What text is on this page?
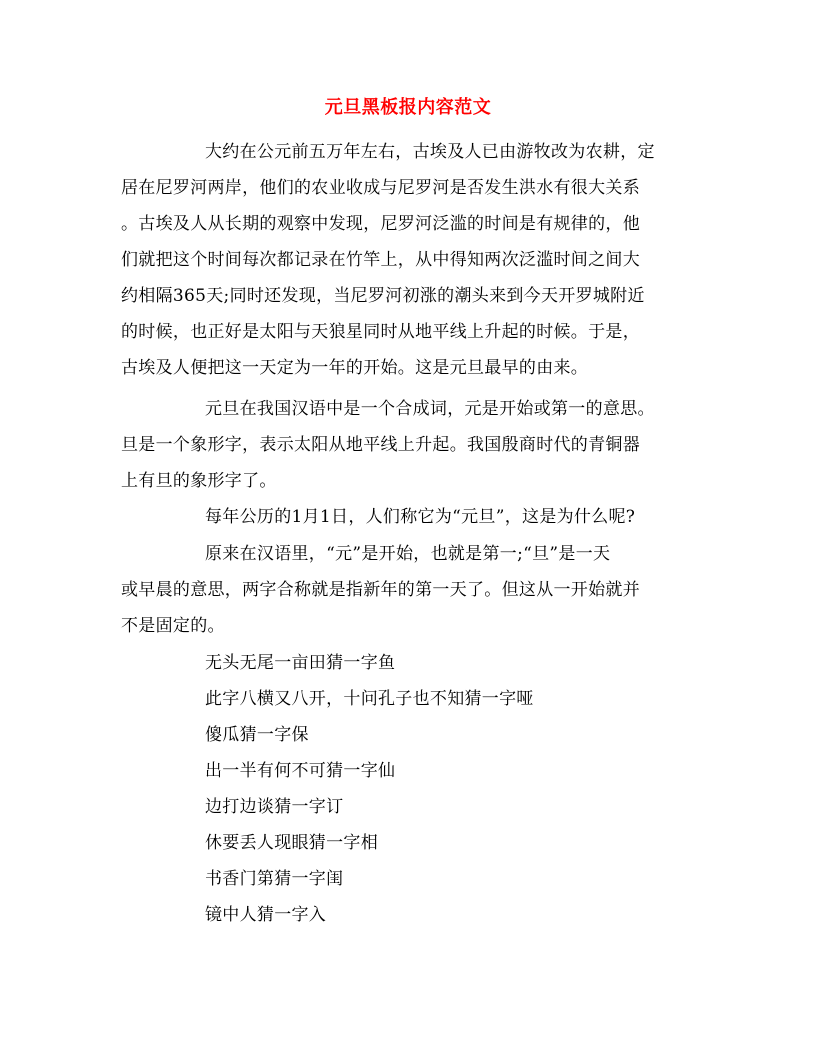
元旦黑板报内容范文
大约在公元前五万年左右，古埃及人已由游牧改为农耕，定
居在尼罗河两岸，他们的农业收成与尼罗河是否发生洪水有很大关系
。古埃及人从长期的观察中发现，尼罗河泛滥的时间是有规律的，他
们就把这个时间每次都记录在竹竿上，从中得知两次泛滥时间之间大
约相隔365天;同时还发现，当尼罗河初涨的潮头来到今天开罗城附近
的时候，也正好是太阳与天狼星同时从地平线上升起的时候。于是，
古埃及人便把这一天定为一年的开始。这是元旦最早的由来。
元旦在我国汉语中是一个合成词，元是开始或第一的意思。
旦是一个象形字，表示太阳从地平线上升起。我国殷商时代的青铜器
上有旦的象形字了。
每年公历的1月1日，人们称它为“元旦”，这是为什么呢?
原来在汉语里，“元”是开始，也就是第一;“旦”是一天
或早晨的意思，两字合称就是指新年的第一天了。但这从一开始就并
不是固定的。
无头无尾一亩田猜一字鱼
此字八横又八开，十问孔子也不知猜一字哑
傻瓜猜一字保
出一半有何不可猜一字仙
边打边谈猜一字订
休要丢人现眼猜一字相
书香门第猜一字闺
镜中人猜一字入
